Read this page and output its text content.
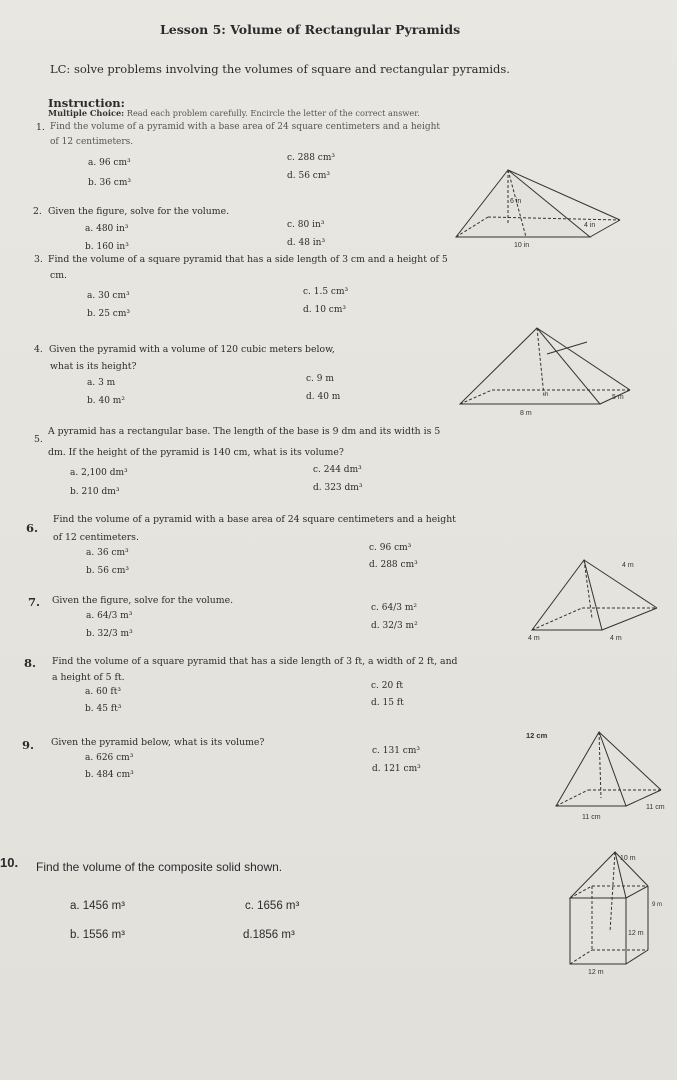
Lesson 5: Volume of Rectangular Pyramids
LC: solve problems involving the volumes of square and rectangular pyramids.
Instruction:
Multiple Choice: Read each problem carefully. Encircle the letter of the correct answer.
1. Find the volume of a pyramid with a base area of 24 square centimeters and a height
of 12 centimeters.
a. 96 cm³
b. 36 cm³
c. 288 cm³
d. 56 cm³
2. Given the figure, solve for the volume.
a. 480 in³
b. 160 in³
c. 80 in³
d. 48 in³
6 in
4 in
10 in
3. Find the volume of a square pyramid that has a side length of 3 cm and a height of 5
cm.
a. 30 cm³
b. 25 cm³
c. 1.5 cm³
d. 10 cm³
4. Given the pyramid with a volume of 120 cubic meters below,
what is its height?
a. 3 m
b. 40 m²
c. 9 m
d. 40 m	h	5 m
8 m
5.
A pyramid has a rectangular base. The length of the base is 9 dm and its width is 5
dm. If the height of the pyramid is 140 cm, what is its volume?
a. 2,100 dm³
b. 210 dm³
c. 244 dm³
d. 323 dm³
6.
Find the volume of a pyramid with a base area of 24 square centimeters and a height
of 12 centimeters.
a. 36 cm³
b. 56 cm³
c. 96 cm³
d. 288 cm³
7. Given the figure, solve for the volume.
a. 64/3 m³
b. 32/3 m³
c. 64/3 m²
d. 32/3 m²
4 m
4 m	4 m
8. Find the volume of a square pyramid that has a side length of 3 ft, a width of 2 ft, and
a height of 5 ft.
a. 60 ft³
b. 45 ft³
c. 20 ft
d. 15 ft
9. Given the pyramid below, what is its volume?
a. 626 cm³
b. 484 cm³
c. 131 cm³
d. 121 cm³
12 cm
11 cm
11 cm
10. Find the volume of the composite solid shown.
a. 1456 m³
b. 1556 m³
c. 1656 m³
d.1856 m³
10 m
9 m
12 m
12 m
